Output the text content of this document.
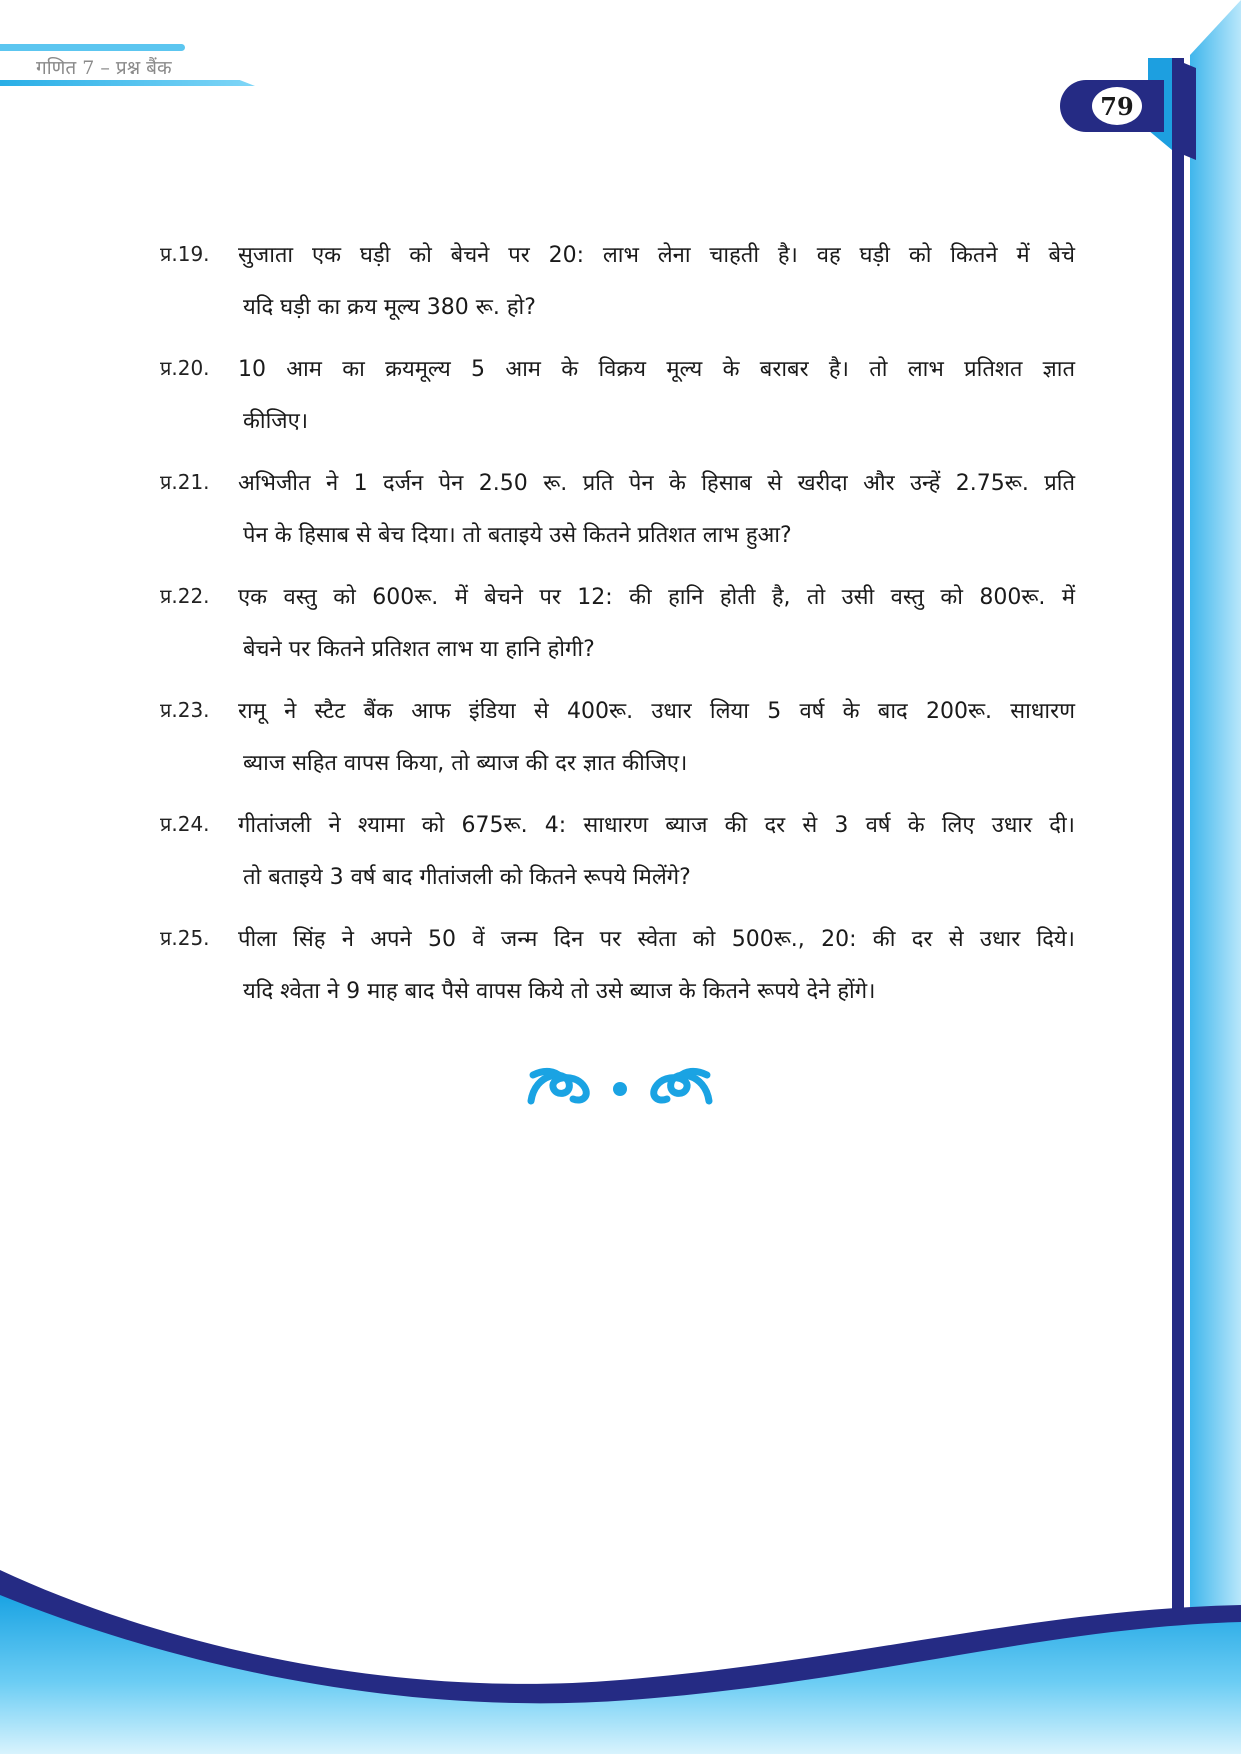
गणित 7 – प्रश्न बैंक
79
प्र.19. सुजाता एक घड़ी को बेचने पर 20: लाभ लेना चाहती है। वह घड़ी को कितने में बेचे
यदि घड़ी का क्रय मूल्य 380 रू. हो?
प्र.20. 10 आम का क्रयमूल्य 5 आम के विक्रय मूल्य के बराबर है। तो लाभ प्रतिशत ज्ञात
कीजिए।
प्र.21. अभिजीत ने 1 दर्जन पेन 2.50 रू. प्रति पेन के हिसाब से खरीदा और उन्हें 2.75रू. प्रति
पेन के हिसाब से बेच दिया। तो बताइये उसे कितने प्रतिशत लाभ हुआ?
प्र.22. एक वस्तु को 600रू. में बेचने पर 12: की हानि होती है, तो उसी वस्तु को 800रू. में
बेचने पर कितने प्रतिशत लाभ या हानि होगी?
प्र.23. रामू ने स्टैट बैंक आफ इंडिया से 400रू. उधार लिया 5 वर्ष के बाद 200रू. साधारण
ब्याज सहित वापस किया, तो ब्याज की दर ज्ञात कीजिए।
प्र.24. गीतांजली ने श्यामा को 675रू. 4: साधारण ब्याज की दर से 3 वर्ष के लिए उधार दी।
तो बताइये 3 वर्ष बाद गीतांजली को कितने रूपये मिलेंगे?
प्र.25. पीला सिंह ने अपने 50 वें जन्म दिन पर स्वेता को 500रू., 20: की दर से उधार दिये।
यदि श्वेता ने 9 माह बाद पैसे वापस किये तो उसे ब्याज के कितने रूपये देने होंगे।
